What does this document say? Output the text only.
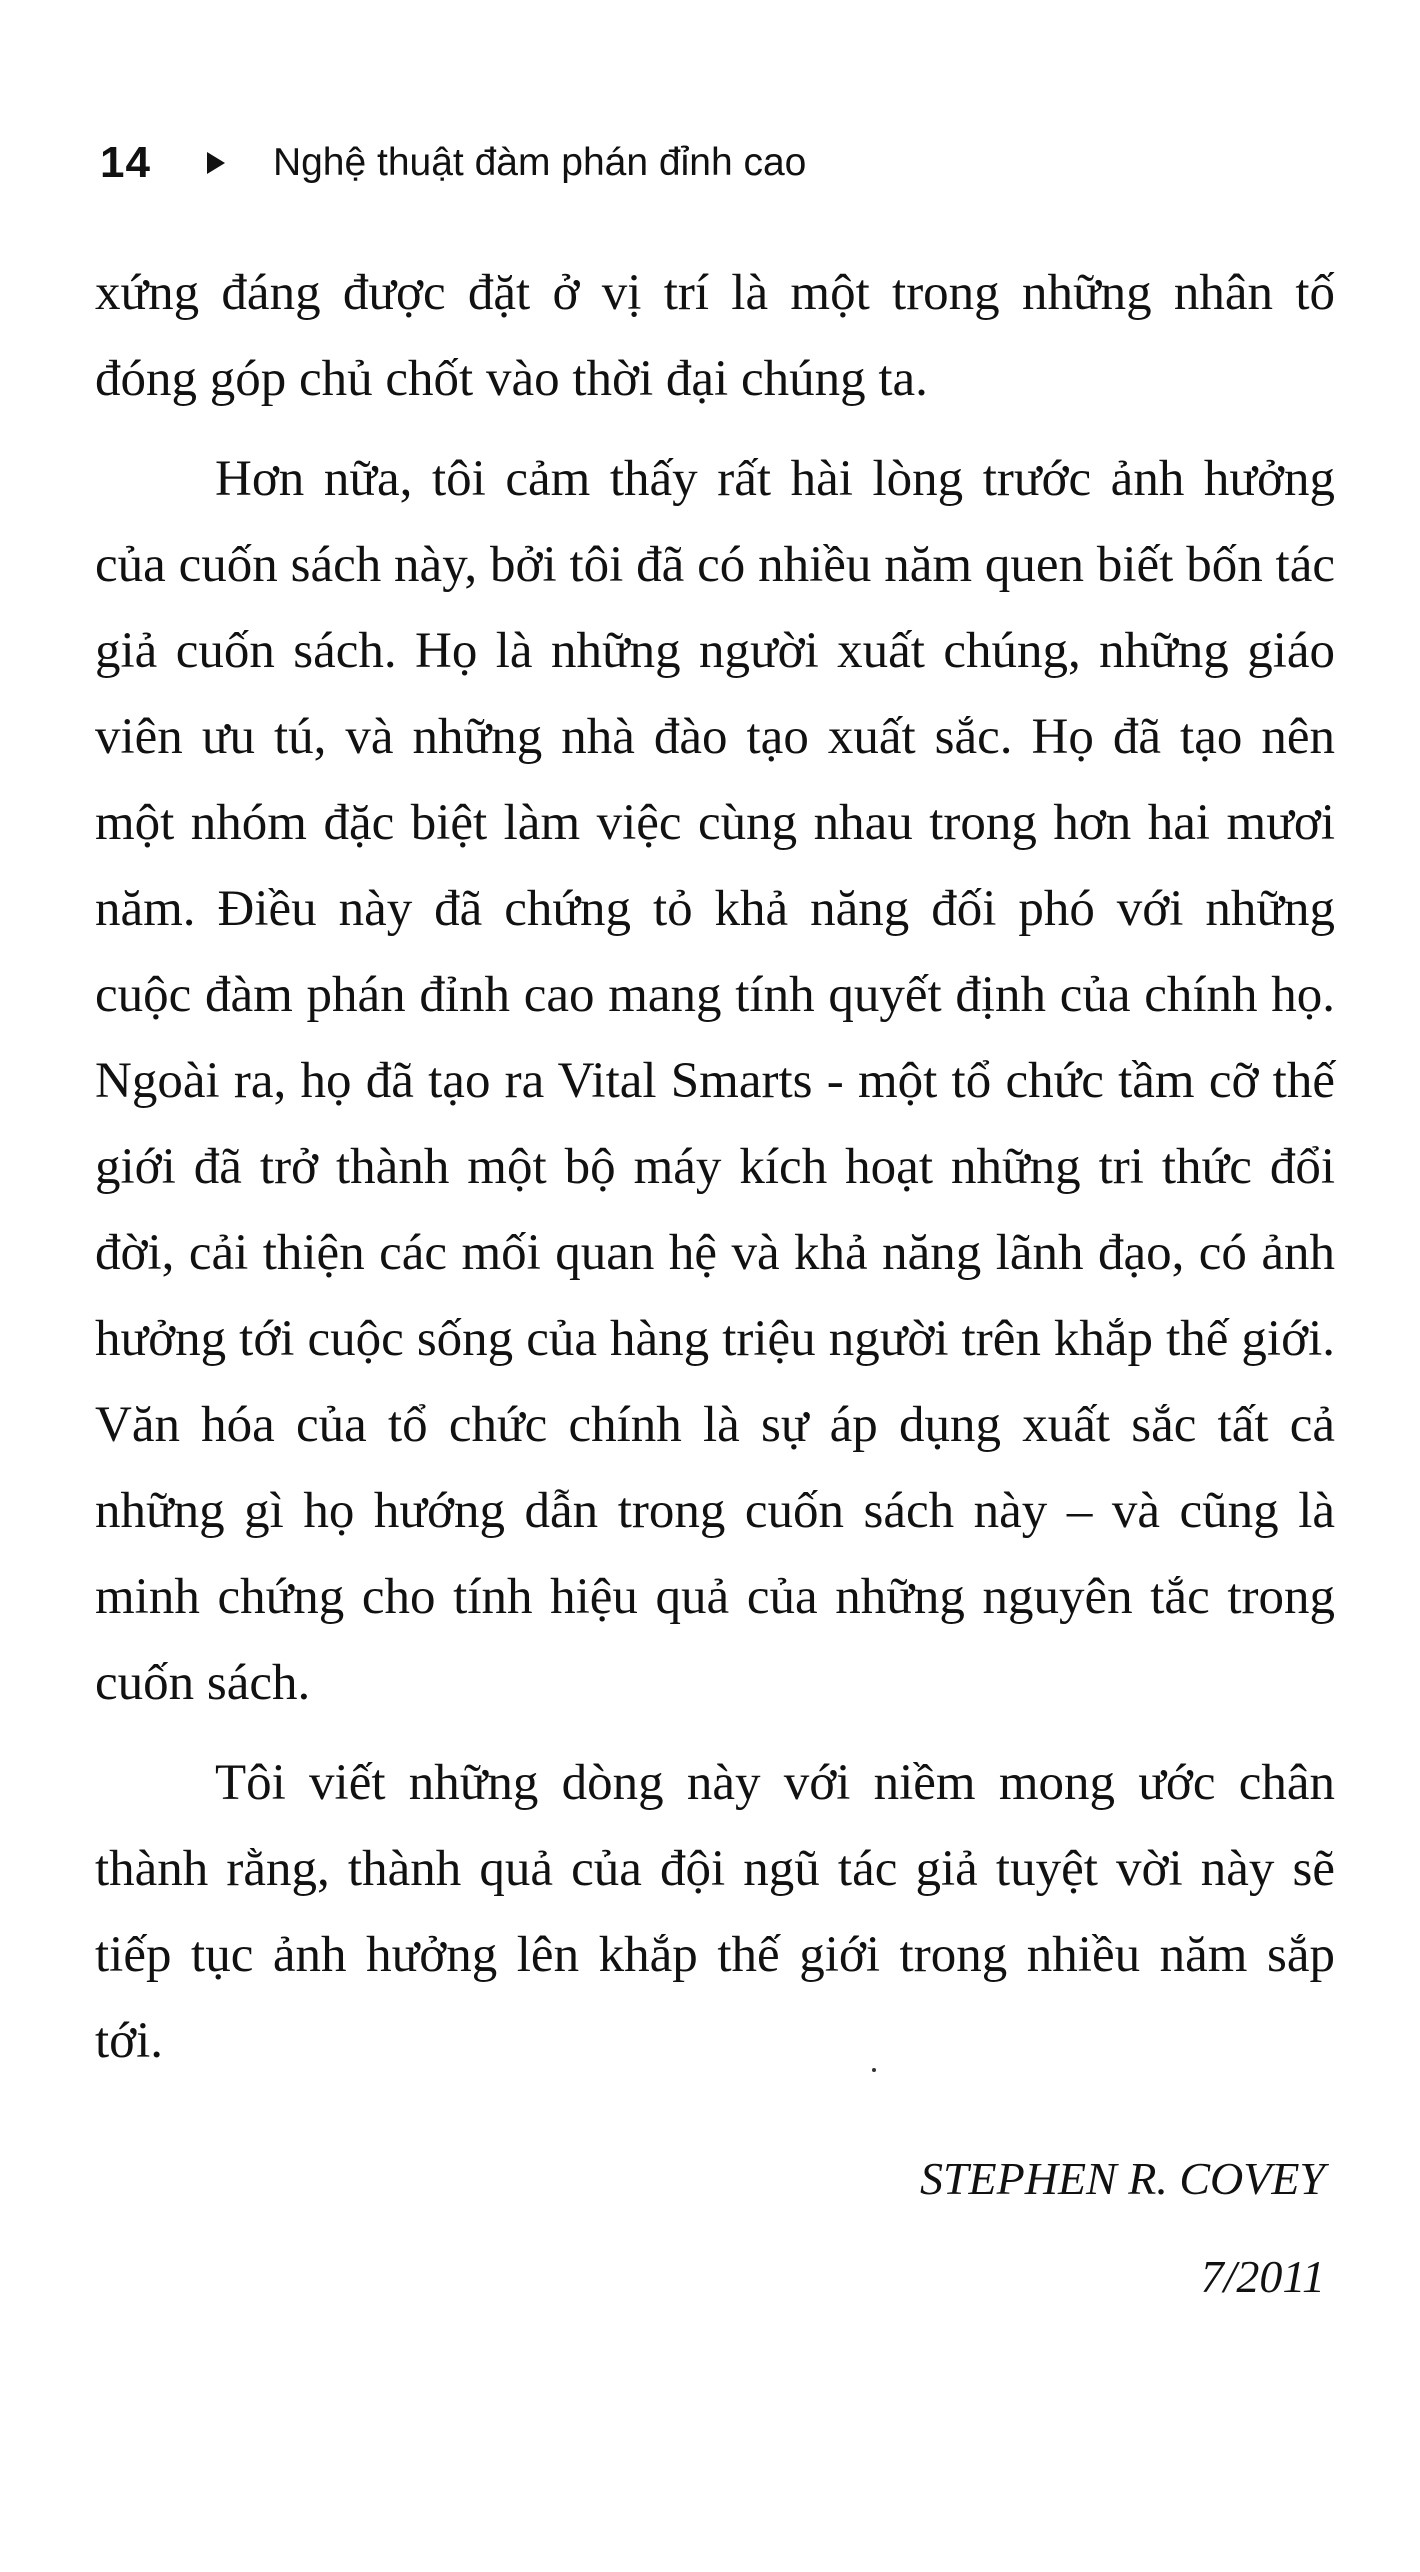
14	Nghệ thuật đàm phán đỉnh cao

xứng đáng được đặt ở vị trí là một trong những nhân tố đóng góp chủ chốt vào thời đại chúng ta.

Hơn nữa, tôi cảm thấy rất hài lòng trước ảnh hưởng của cuốn sách này, bởi tôi đã có nhiều năm quen biết bốn tác giả cuốn sách. Họ là những người xuất chúng, những giáo viên ưu tú, và những nhà đào tạo xuất sắc. Họ đã tạo nên một nhóm đặc biệt làm việc cùng nhau trong hơn hai mươi năm. Điều này đã chứng tỏ khả năng đối phó với những cuộc đàm phán đỉnh cao mang tính quyết định của chính họ. Ngoài ra, họ đã tạo ra Vital Smarts - một tổ chức tầm cỡ thế giới đã trở thành một bộ máy kích hoạt những tri thức đổi đời, cải thiện các mối quan hệ và khả năng lãnh đạo, có ảnh hưởng tới cuộc sống của hàng triệu người trên khắp thế giới. Văn hóa của tổ chức chính là sự áp dụng xuất sắc tất cả những gì họ hướng dẫn trong cuốn sách này – và cũng là minh chứng cho tính hiệu quả của những nguyên tắc trong cuốn sách.

Tôi viết những dòng này với niềm mong ước chân thành rằng, thành quả của đội ngũ tác giả tuyệt vời này sẽ tiếp tục ảnh hưởng lên khắp thế giới trong nhiều năm sắp tới.

STEPHEN R. COVEY
7/2011
